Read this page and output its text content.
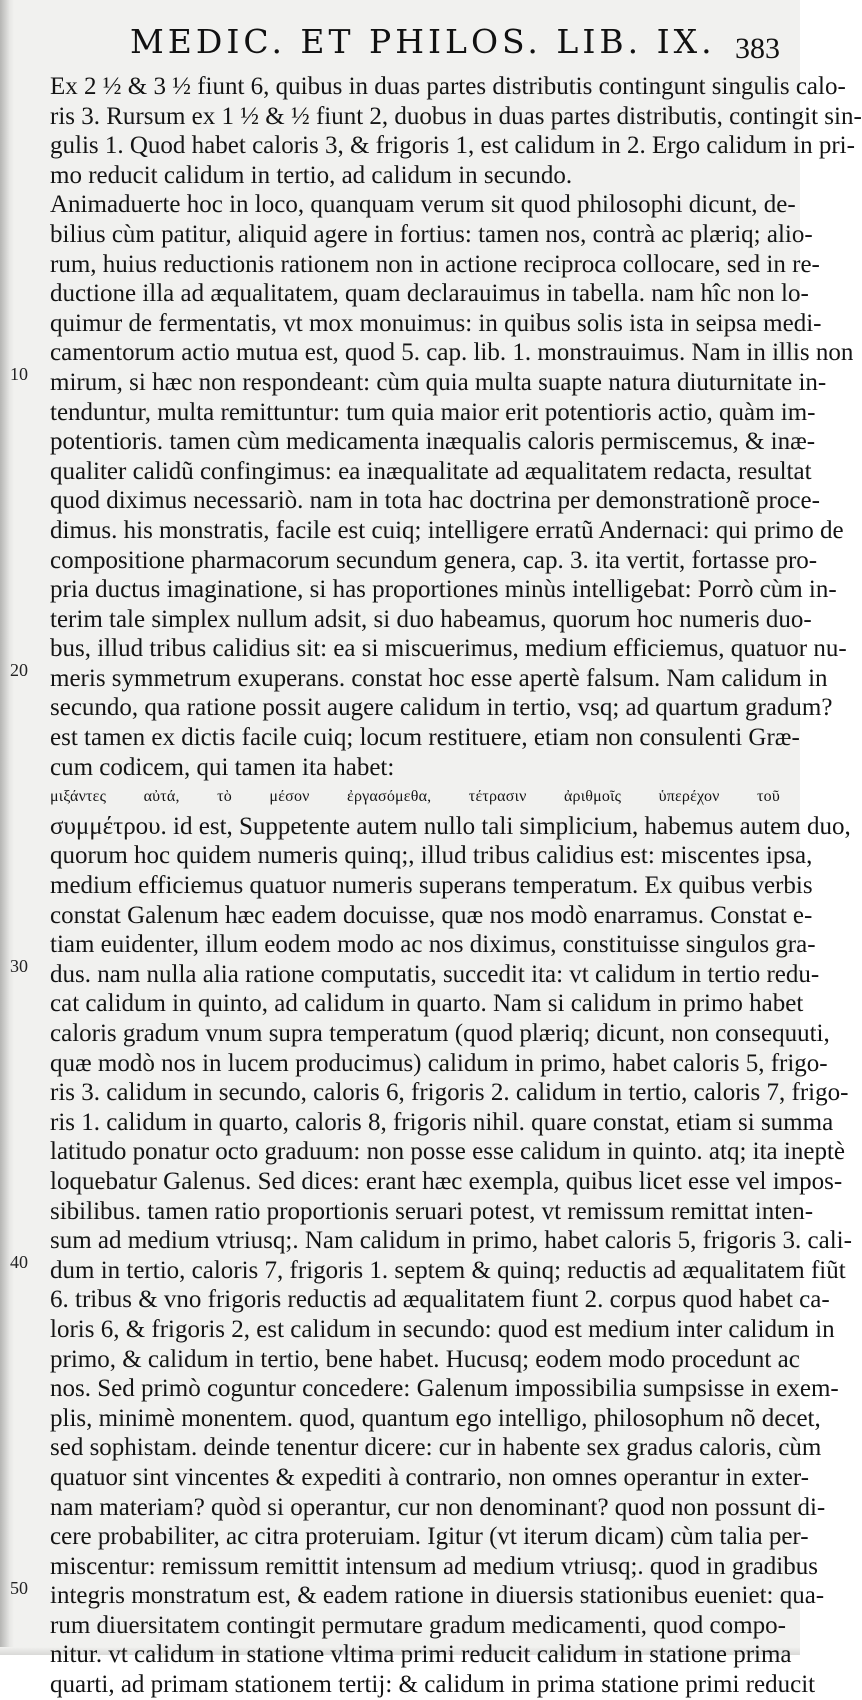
MEDIC. ET PHILOS. LIB. IX. 383
10
20
30
40
50
Ex 2 ½ & 3 ½ fiunt 6, quibus in duas partes distributis contingunt singulis calo-
ris 3. Rursum ex 1 ½ & ½ fiunt 2, duobus in duas partes distributis, contingit sin-
gulis 1. Quod habet caloris 3, & frigoris 1, est calidum in 2. Ergo calidum in pri-
mo reducit calidum in tertio, ad calidum in secundo.
Animaduerte hoc in loco, quanquam verum sit quod philosophi dicunt, de-
bilius cùm patitur, aliquid agere in fortius: tamen nos, contrà ac plæriq; alio-
rum, huius reductionis rationem non in actione reciproca collocare, sed in re-
ductione illa ad æqualitatem, quam declarauimus in tabella. nam hîc non lo-
quimur de fermentatis, vt mox monuimus: in quibus solis ista in seipsa medi-
camentorum actio mutua est, quod 5. cap. lib. 1. monstrauimus. Nam in illis non
mirum, si hæc non respondeant: cùm quia multa suapte natura diuturnitate in-
tenduntur, multa remittuntur: tum quia maior erit potentioris actio, quàm im-
potentioris. tamen cùm medicamenta inæqualis caloris permiscemus, & inæ-
qualiter calidũ confingimus: ea inæqualitate ad æqualitatem redacta, resultat
quod diximus necessariò. nam in tota hac doctrina per demonstrationẽ proce-
dimus. his monstratis, facile est cuiq; intelligere erratũ Andernaci: qui primo de
compositione pharmacorum secundum genera, cap. 3. ita vertit, fortasse pro-
pria ductus imaginatione, si has proportiones minùs intelligebat: Porrò cùm in-
terim tale simplex nullum adsit, si duo habeamus, quorum hoc numeris duo-
bus, illud tribus calidius sit: ea si miscuerimus, medium efficiemus, quatuor nu-
meris symmetrum exuperans. constat hoc esse apertè falsum. Nam calidum in
secundo, qua ratione possit augere calidum in tertio, vsq; ad quartum gradum?
est tamen ex dictis facile cuiq; locum restituere, etiam non consulenti Græ-
cum codicem, qui tamen ita habet:
μιξάντες αὐτά, τὸ μέσον ἐργασόμεθα, τέτρασιν ἀριθμοῖς ὑπερέχον τοῦ
συμμέτρου. id est, Suppetente autem nullo tali simplicium, habemus autem duo,
quorum hoc quidem numeris quinq;, illud tribus calidius est: miscentes ipsa,
medium efficiemus quatuor numeris superans temperatum. Ex quibus verbis
constat Galenum hæc eadem docuisse, quæ nos modò enarramus. Constat e-
tiam euidenter, illum eodem modo ac nos diximus, constituisse singulos gra-
dus. nam nulla alia ratione computatis, succedit ita: vt calidum in tertio redu-
cat calidum in quinto, ad calidum in quarto. Nam si calidum in primo habet
caloris gradum vnum supra temperatum (quod plæriq; dicunt, non consequuti,
quæ modò nos in lucem producimus) calidum in primo, habet caloris 5, frigo-
ris 3. calidum in secundo, caloris 6, frigoris 2. calidum in tertio, caloris 7, frigo-
ris 1. calidum in quarto, caloris 8, frigoris nihil. quare constat, etiam si summa
latitudo ponatur octo graduum: non posse esse calidum in quinto. atq; ita ineptè
loquebatur Galenus. Sed dices: erant hæc exempla, quibus licet esse vel impos-
sibilibus. tamen ratio proportionis seruari potest, vt remissum remittat inten-
sum ad medium vtriusq;. Nam calidum in primo, habet caloris 5, frigoris 3. cali-
dum in tertio, caloris 7, frigoris 1. septem & quinq; reductis ad æqualitatem fiũt
6. tribus & vno frigoris reductis ad æqualitatem fiunt 2. corpus quod habet ca-
loris 6, & frigoris 2, est calidum in secundo: quod est medium inter calidum in
primo, & calidum in tertio, bene habet. Hucusq; eodem modo procedunt ac
nos. Sed primò coguntur concedere: Galenum impossibilia sumpsisse in exem-
plis, minimè monentem. quod, quantum ego intelligo, philosophum nõ decet,
sed sophistam. deinde tenentur dicere: cur in habente sex gradus caloris, cùm
quatuor sint vincentes & expediti à contrario, non omnes operantur in exter-
nam materiam? quòd si operantur, cur non denominant? quod non possunt di-
cere probabiliter, ac citra proteruiam. Igitur (vt iterum dicam) cùm talia per-
miscentur: remissum remittit intensum ad medium vtriusq;. quod in gradibus
integris monstratum est, & eadem ratione in diuersis stationibus eueniet: qua-
rum diuersitatem contingit permutare gradum medicamenti, quod compo-
nitur. vt calidum in statione vltima primi reducit calidum in statione prima
quarti, ad primam stationem tertij: & calidum in prima statione primi reducit
